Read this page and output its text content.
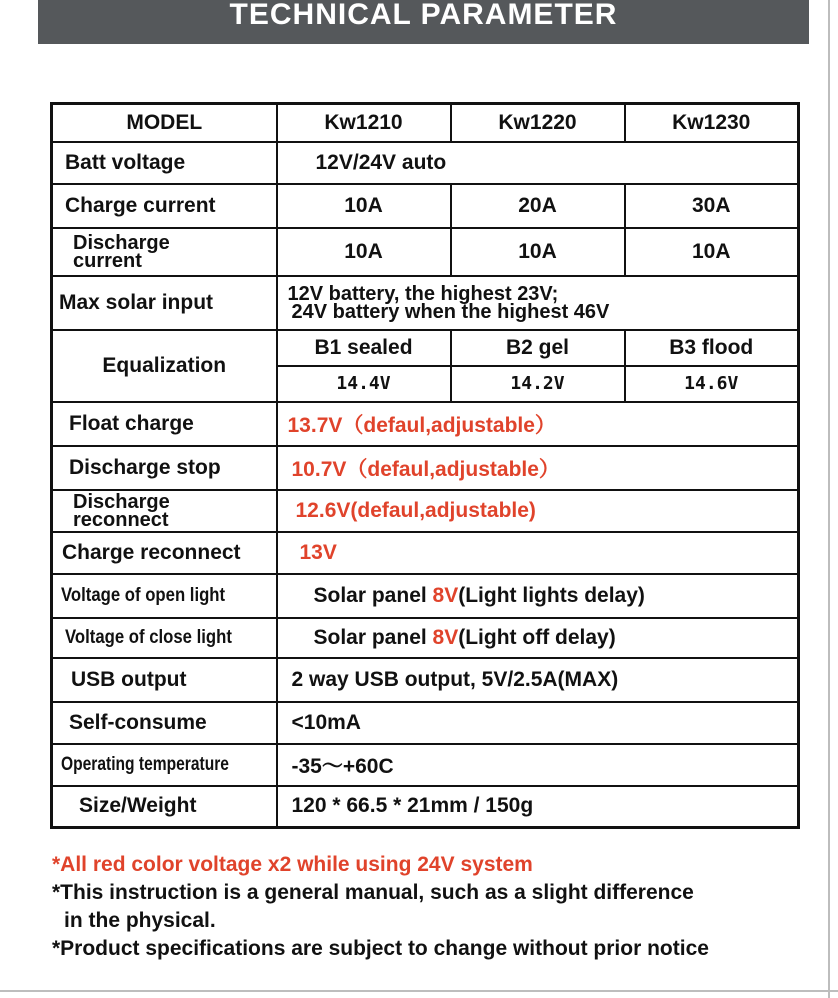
TECHNICAL PARAMETER
MODEL	Kw1210	Kw1220	Kw1230
Batt voltage	12V/24V auto		
Charge current	10A	20A	30A

Discharge
current	10A	10A	10A
Max solar input	12V battery, the highest 23V;
24V battery when the highest 46V		

Equalization	B1 sealed	B2 gel	B3 flood
	14.4V	14.2V	14.6V
Float charge	13.7V（defaul,adjustable）		
Discharge stop	10.7V（defaul,adjustable）		

Discharge
reconnect	12.6V(defaul,adjustable)		
Charge reconnect	13V		
Voltage of open light	Solar panel 8V(Light lights delay)		
Voltage of close light	Solar panel 8V(Light off delay)		
USB output	2 way USB output, 5V/2.5A(MAX)		
Self-consume	<10mA		
Operating temperature	-35～+60C		
Size/Weight	120 * 66.5 * 21mm / 150g		
*All red color voltage x2 while using 24V system
*This instruction is a general manual, such as a slight difference
in the physical.
*Product specifications are subject to change without prior notice
